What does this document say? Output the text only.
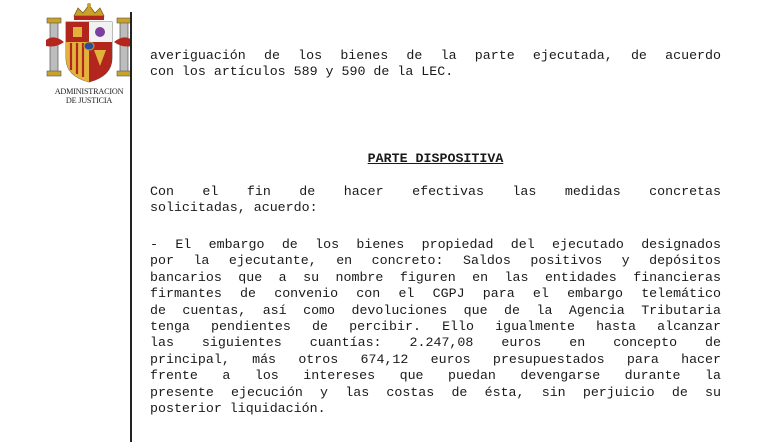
ADMINISTRACION
DE JUSTICIA
averiguación de los bienes de la parte ejecutada, de acuerdo
con los artículos 589 y 590 de la LEC.
PARTE DISPOSITIVA
Con el fin de hacer efectivas las medidas concretas
solicitadas, acuerdo:
- El embargo de los bienes propiedad del ejecutado designados
por la ejecutante, en concreto: Saldos positivos y depósitos
bancarios que a su nombre figuren en las entidades financieras
firmantes de convenio con el CGPJ para el embargo telemático
de cuentas, así como devoluciones que de la Agencia Tributaria
tenga pendientes de percibir. Ello igualmente hasta alcanzar
las siguientes cuantías: 2.247,08 euros en concepto de
principal, más otros 674,12 euros presupuestados para hacer
frente a los intereses que puedan devengarse durante la
presente ejecución y las costas de ésta, sin perjuicio de su
posterior liquidación.
